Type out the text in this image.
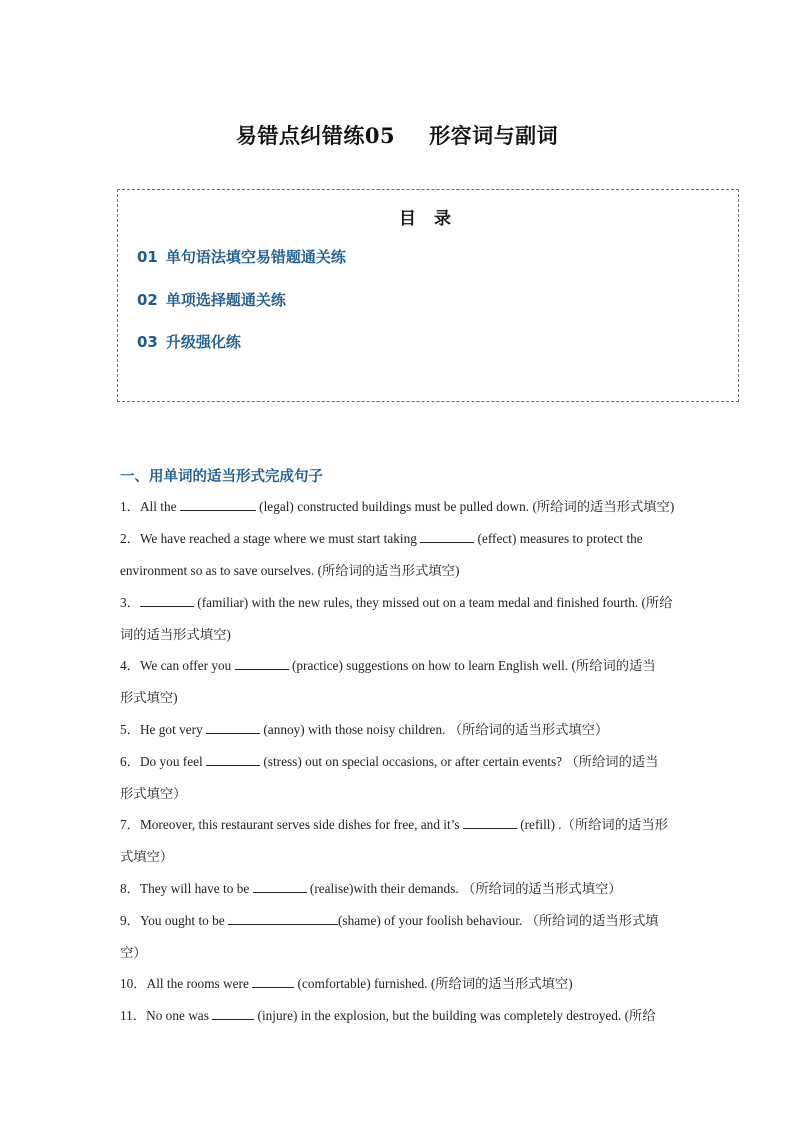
易错点纠错练05 形容词与副词
目 录
01 单句语法填空易错题通关练
02 单项选择题通关练
03 升级强化练
一、用单词的适当形式完成句子
1．All the	(legal) constructed buildings must be pulled down. (所给词的适当形式填空)
2．We have reached a stage where we must start taking	(effect) measures to protect the
environment so as to save ourselves. (所给词的适当形式填空)
3．	(familiar) with the new rules, they missed out on a team medal and finished fourth. (所给
词的适当形式填空)
4．We can offer you	(practice) suggestions on how to learn English well. (所给词的适当
形式填空)
5．He got very	(annoy) with those noisy children. （所给词的适当形式填空）
6．Do you feel	(stress) out on special occasions, or after certain events? （所给词的适当
形式填空）
7．Moreover, this restaurant serves side dishes for free, and it’s	(refill) .（所给词的适当形
式填空）
8．They will have to be	(realise)with their demands. （所给词的适当形式填空）
9．You ought to be	(shame) of your foolish behaviour. （所给词的适当形式填
空）
10．All the rooms were	(comfortable) furnished. (所给词的适当形式填空)
11．No one was	(injure) in the explosion, but the building was completely destroyed. (所给
